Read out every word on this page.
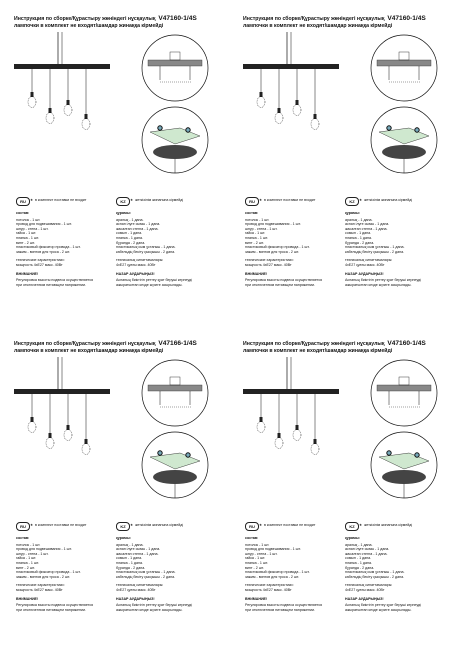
Инструкция по сборке/Құрастыру жөніндегі нұсқаулық V47160-1/4S
лампочки в комплект не входят/шамдар жинаққа кірмейді
RU	★ в комплект поставки не входит	KZ	★ жеткізілім жинағына кірмейді
состав:
потолок - 1 шт.
провод для подвешивания - 1 шт.
шнур - стена - 1 шт.
гайка - 1 шт.
планка - 1 шт.
винт - 2 шт.
пластиковый фиксатор провода - 1 шт.
зажим - винтов для троса - 2 шт.
технические характеристики:
мощность 4xE27 макс. 40Вт
ВНИМАНИЕ!
Регулировка высоты подвеса осуществляется
при отключенном питающем напряжении.
құрамы:
аралық - 1 дана.
аспап ілуге сымы - 1 дана.
жасалған стенга - 1 дана.
сомын - 1 дана.
планка - 1 дана.
бұранда - 2 дана.
пластикалық сым ұстағыш - 1 дана.
кабельдің бекіту қысқышы - 2 дана.
техникалық сипаттамалары:
4xE27 қуаты макс. 40Вт
НАЗАР АУДАРЫҢЫЗ!
Аспаның биіктігін реттеу қуат беруші кернеуді
ажыратылған кезде жүзеге асырылады.
Инструкция по сборке/Құрастыру жөніндегі нұсқаулық V47160-1/4S
лампочки в комплект не входят/шамдар жинаққа кірмейді
RU	★ в комплект поставки не входит	KZ	★ жеткізілім жинағына кірмейді
состав:
потолок - 1 шт.
провод для подвешивания - 1 шт.
шнур - стена - 1 шт.
гайка - 1 шт.
планка - 1 шт.
винт - 2 шт.
пластиковый фиксатор провода - 1 шт.
зажим - винтов для троса - 2 шт.
технические характеристики:
мощность 4xE27 макс. 40Вт
ВНИМАНИЕ!
Регулировка высоты подвеса осуществляется
при отключенном питающем напряжении.
құрамы:
аралық - 1 дана.
аспап ілуге сымы - 1 дана.
жасалған стенга - 1 дана.
сомын - 1 дана.
планка - 1 дана.
бұранда - 2 дана.
пластикалық сым ұстағыш - 1 дана.
кабельдің бекіту қысқышы - 2 дана.
техникалық сипаттамалары:
4xE27 қуаты макс. 40Вт
НАЗАР АУДАРЫҢЫЗ!
Аспаның биіктігін реттеу қуат беруші кернеуді
ажыратылған кезде жүзеге асырылады.
Инструкция по сборке/Құрастыру жөніндегі нұсқаулық V47166-1/4S
лампочки в комплект не входят/шамдар жинаққа кірмейді
RU	★ в комплект поставки не входит	KZ	★ жеткізілім жинағына кірмейді
состав:
потолок - 1 шт.
провод для подвешивания - 1 шт.
шнур - стена - 1 шт.
гайка - 1 шт.
планка - 1 шт.
винт - 2 шт.
пластиковый фиксатор провода - 1 шт.
зажим - винтов для троса - 2 шт.
технические характеристики:
мощность 4xE27 макс. 40Вт
ВНИМАНИЕ!
Регулировка высоты подвеса осуществляется
при отключенном питающем напряжении.
құрамы:
аралық - 1 дана.
аспап ілуге сымы - 1 дана.
жасалған стенга - 1 дана.
сомын - 1 дана.
планка - 1 дана.
бұранда - 2 дана.
пластикалық сым ұстағыш - 1 дана.
кабельдің бекіту қысқышы - 2 дана.
техникалық сипаттамалары:
4xE27 қуаты макс. 40Вт
НАЗАР АУДАРЫҢЫЗ!
Аспаның биіктігін реттеу қуат беруші кернеуді
ажыратылған кезде жүзеге асырылады.
Инструкция по сборке/Құрастыру жөніндегі нұсқаулық V47160-1/4S
лампочки в комплект не входят/шамдар жинаққа кірмейді
RU	★ в комплект поставки не входит	KZ	★ жеткізілім жинағына кірмейді
состав:
потолок - 1 шт.
провод для подвешивания - 1 шт.
шнур - стена - 1 шт.
гайка - 1 шт.
планка - 1 шт.
винт - 2 шт.
пластиковый фиксатор провода - 1 шт.
зажим - винтов для троса - 2 шт.
технические характеристики:
мощность 4xE27 макс. 40Вт
ВНИМАНИЕ!
Регулировка высоты подвеса осуществляется
при отключенном питающем напряжении.
құрамы:
аралық - 1 дана.
аспап ілуге сымы - 1 дана.
жасалған стенга - 1 дана.
сомын - 1 дана.
планка - 1 дана.
бұранда - 2 дана.
пластикалық сым ұстағыш - 1 дана.
кабельдің бекіту қысқышы - 2 дана.
техникалық сипаттамалары:
4xE27 қуаты макс. 40Вт
НАЗАР АУДАРЫҢЫЗ!
Аспаның биіктігін реттеу қуат беруші кернеуді
ажыратылған кезде жүзеге асырылады.
